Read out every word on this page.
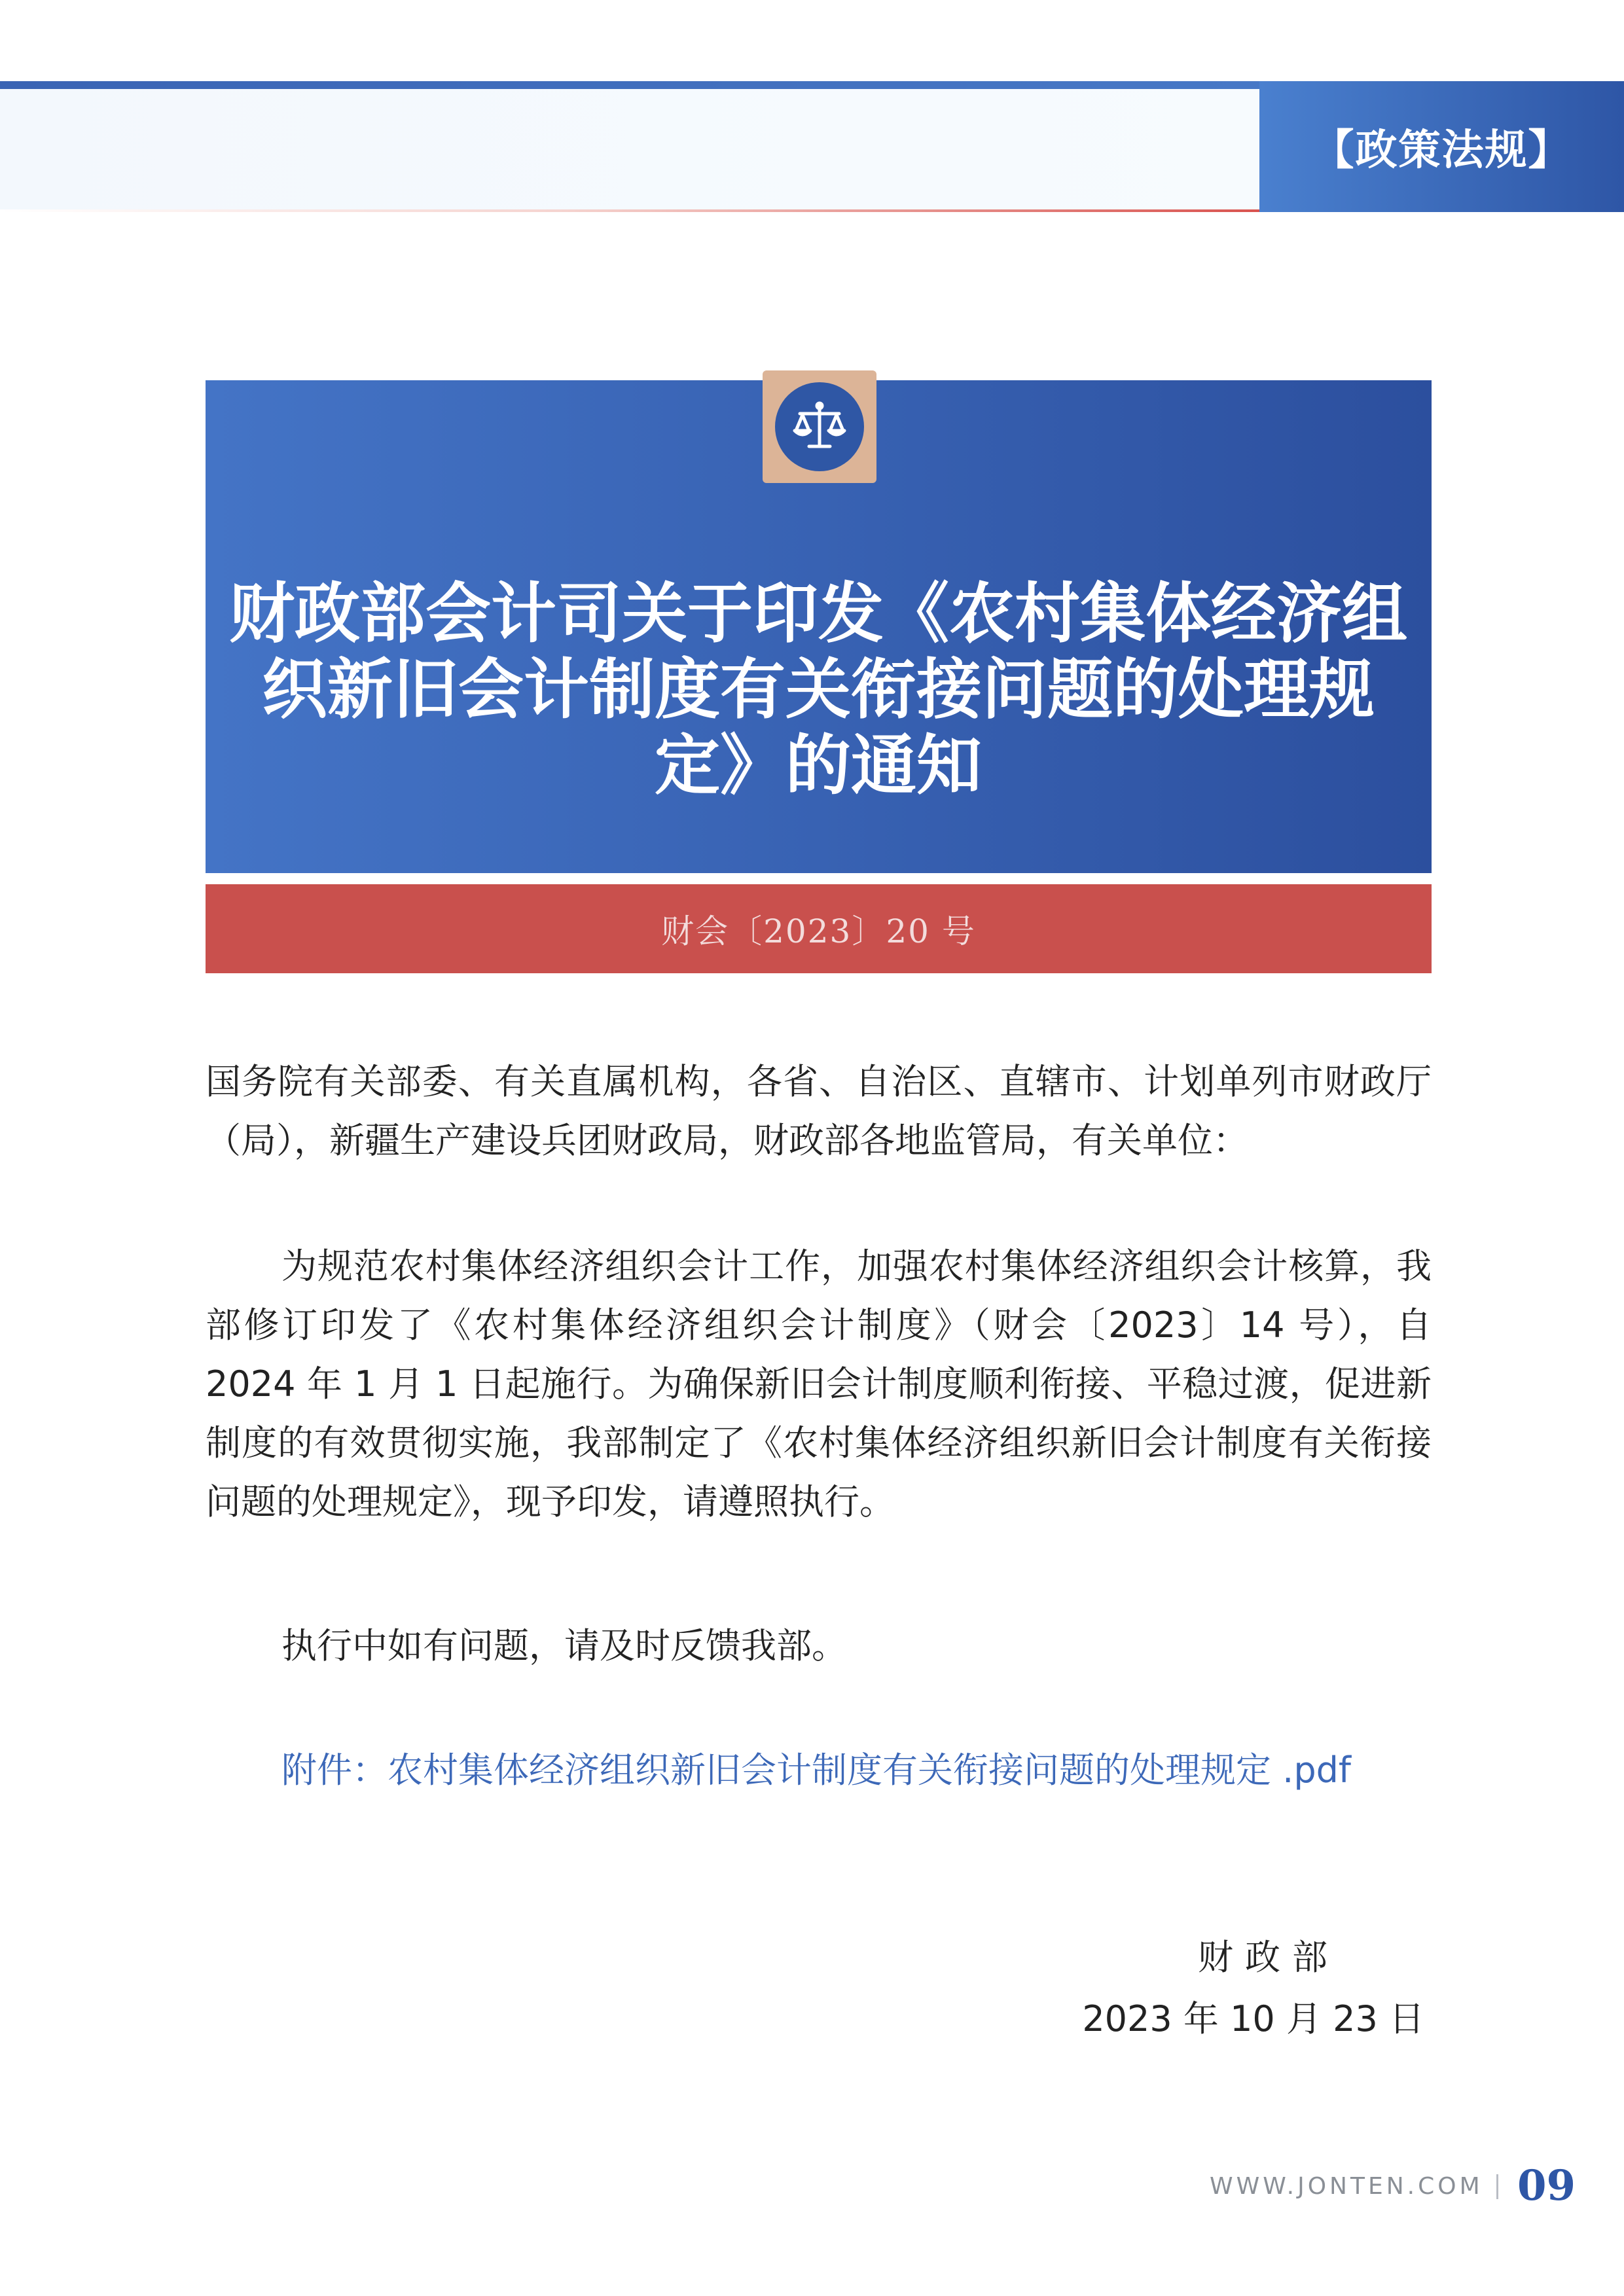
【政策法规】
财政部会计司关于印发《农村集体经济组织新旧会计制度有关衔接问题的处理规定》的通知
财会〔2023〕20 号

国务院有关部委、有关直属机构，各省、自治区、直辖市、计划单列市财政厅（局），新疆生产建设兵团财政局，财政部各地监管局，有关单位：

为规范农村集体经济组织会计工作，加强农村集体经济组织会计核算，我部修订印发了《农村集体经济组织会计制度》（财会〔2023〕14 号），自 2024 年 1 月 1 日起施行。为确保新旧会计制度顺利衔接、平稳过渡，促进新制度的有效贯彻实施，我部制定了《农村集体经济组织新旧会计制度有关衔接问题的处理规定》，现予印发，请遵照执行。

执行中如有问题，请及时反馈我部。

附件：农村集体经济组织新旧会计制度有关衔接问题的处理规定 .pdf

财政部

2023 年 10 月 23 日

WWW.JONTEN.COM 09
